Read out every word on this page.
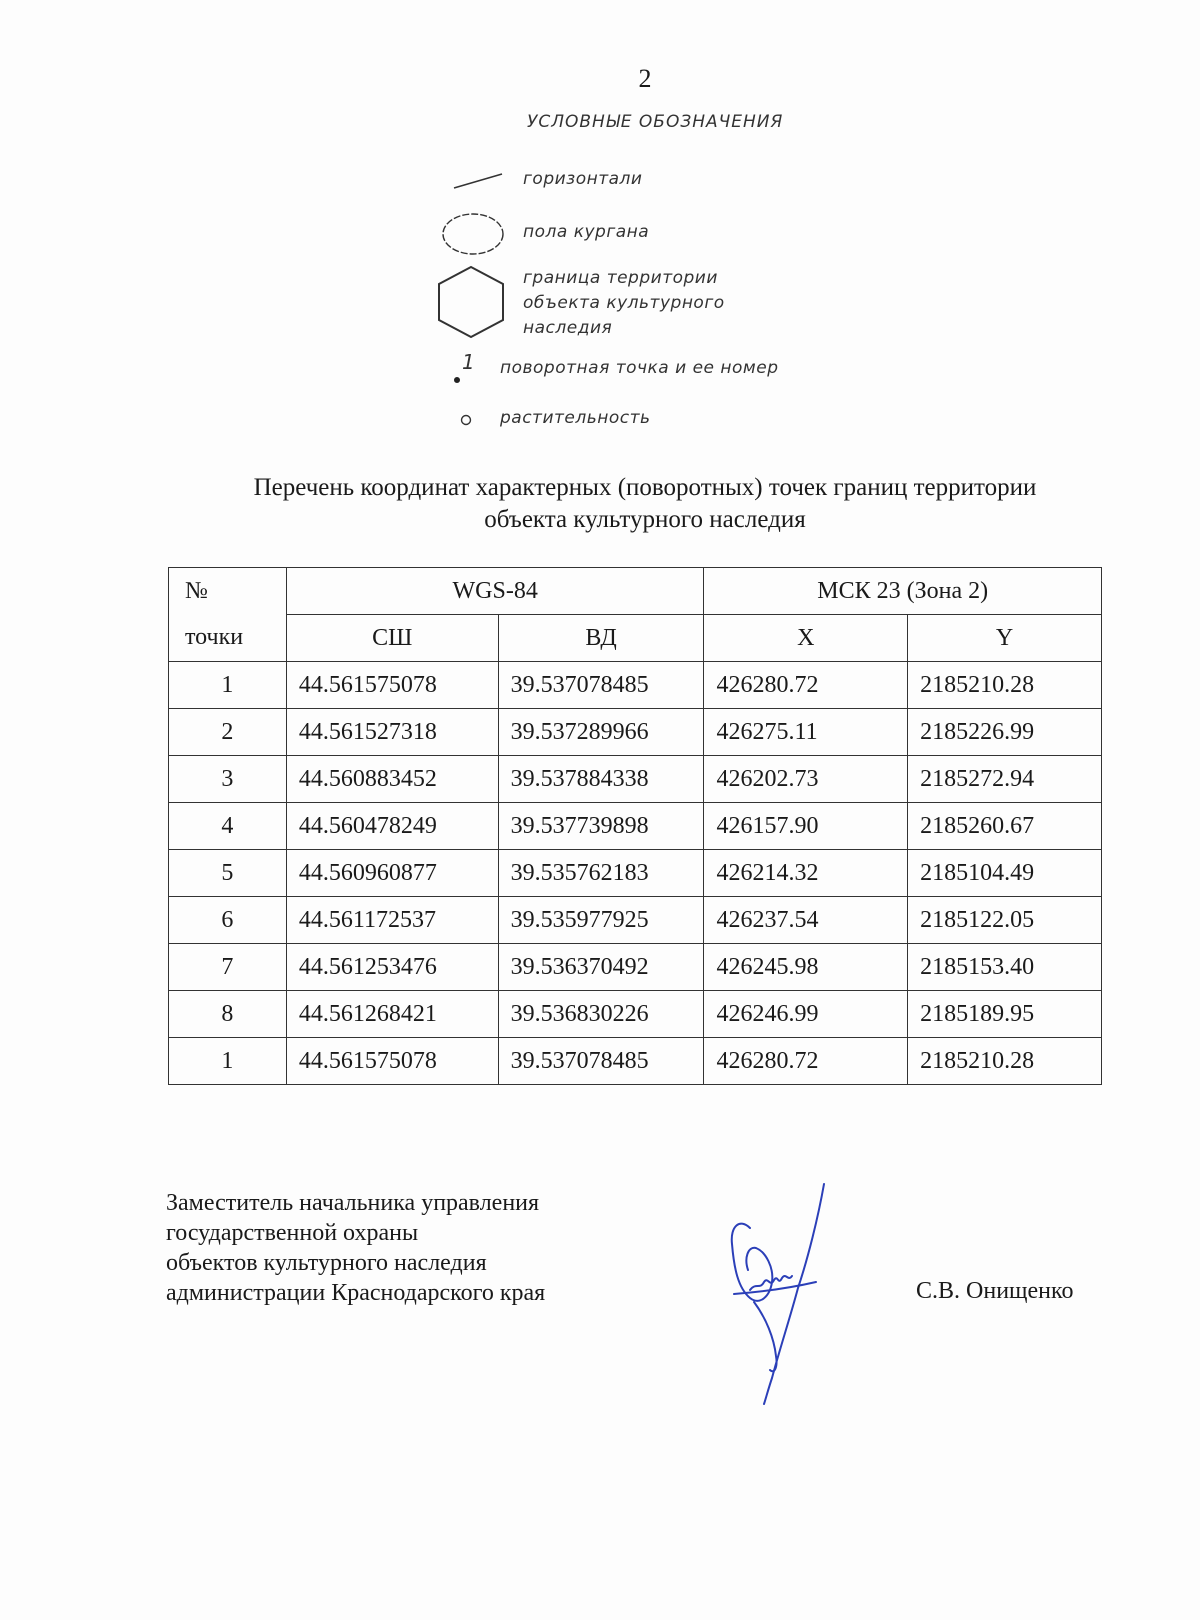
2
УСЛОВНЫЕ ОБОЗНАЧЕНИЯ
горизонтали
пола кургана
граница территории
объекта культурного
наследия
1 поворотная точка и ее номер
растительность
Перечень координат характерных (поворотных) точек границ территории
объекта культурного наследия
№	WGS-84		МСК 23 (Зона 2)	
точки	СШ	ВД	X	Y
1	44.561575078	39.537078485	426280.72	2185210.28
2	44.561527318	39.537289966	426275.11	2185226.99
3	44.560883452	39.537884338	426202.73	2185272.94
4	44.560478249	39.537739898	426157.90	2185260.67
5	44.560960877	39.535762183	426214.32	2185104.49
6	44.561172537	39.535977925	426237.54	2185122.05
7	44.561253476	39.536370492	426245.98	2185153.40
8	44.561268421	39.536830226	426246.99	2185189.95
1	44.561575078	39.537078485	426280.72	2185210.28
Заместитель начальника управления
государственной охраны
объектов культурного наследия
администрации Краснодарского края	С.В. Онищенко
